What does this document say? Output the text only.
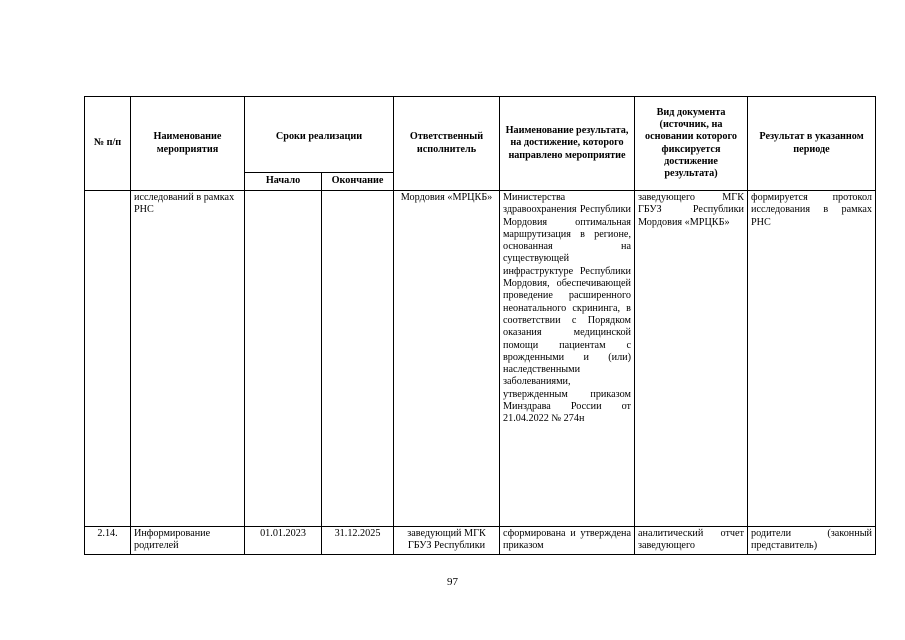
№ п/п	Наименование мероприятия	Сроки реализации		Ответственный исполнитель	Наименование результата, на достижение, которого направлено мероприятие	Вид документа (источник, на основании которого фиксируется достижение результата)	Результат в указанном периоде
		Начало	Окончание				
	исследований в рамках РНС			Мордовия «МРЦКБ»	Министерства здравоохранения Республики Мордовия оптимальная маршрутизация в регионе, основанная на существующей инфраструктуре Республики Мордовия, обеспечивающей проведение расширенного неонатального скрининга, в соответствии с Порядком оказания медицинской помощи пациентам с врожденными и (или) наследственными заболеваниями, утвержденным приказом Минздрава России от 21.04.2022 № 274н	заведующего МГК ГБУЗ Республики Мордовия «МРЦКБ»	формируется протокол исследования в рамках РНС
2.14.	Информирование родителей	01.01.2023	31.12.2025	заведующий МГК ГБУЗ Республики	сформирована и утверждена приказом	аналитический отчет заведующего	родители (законный представитель)
97
